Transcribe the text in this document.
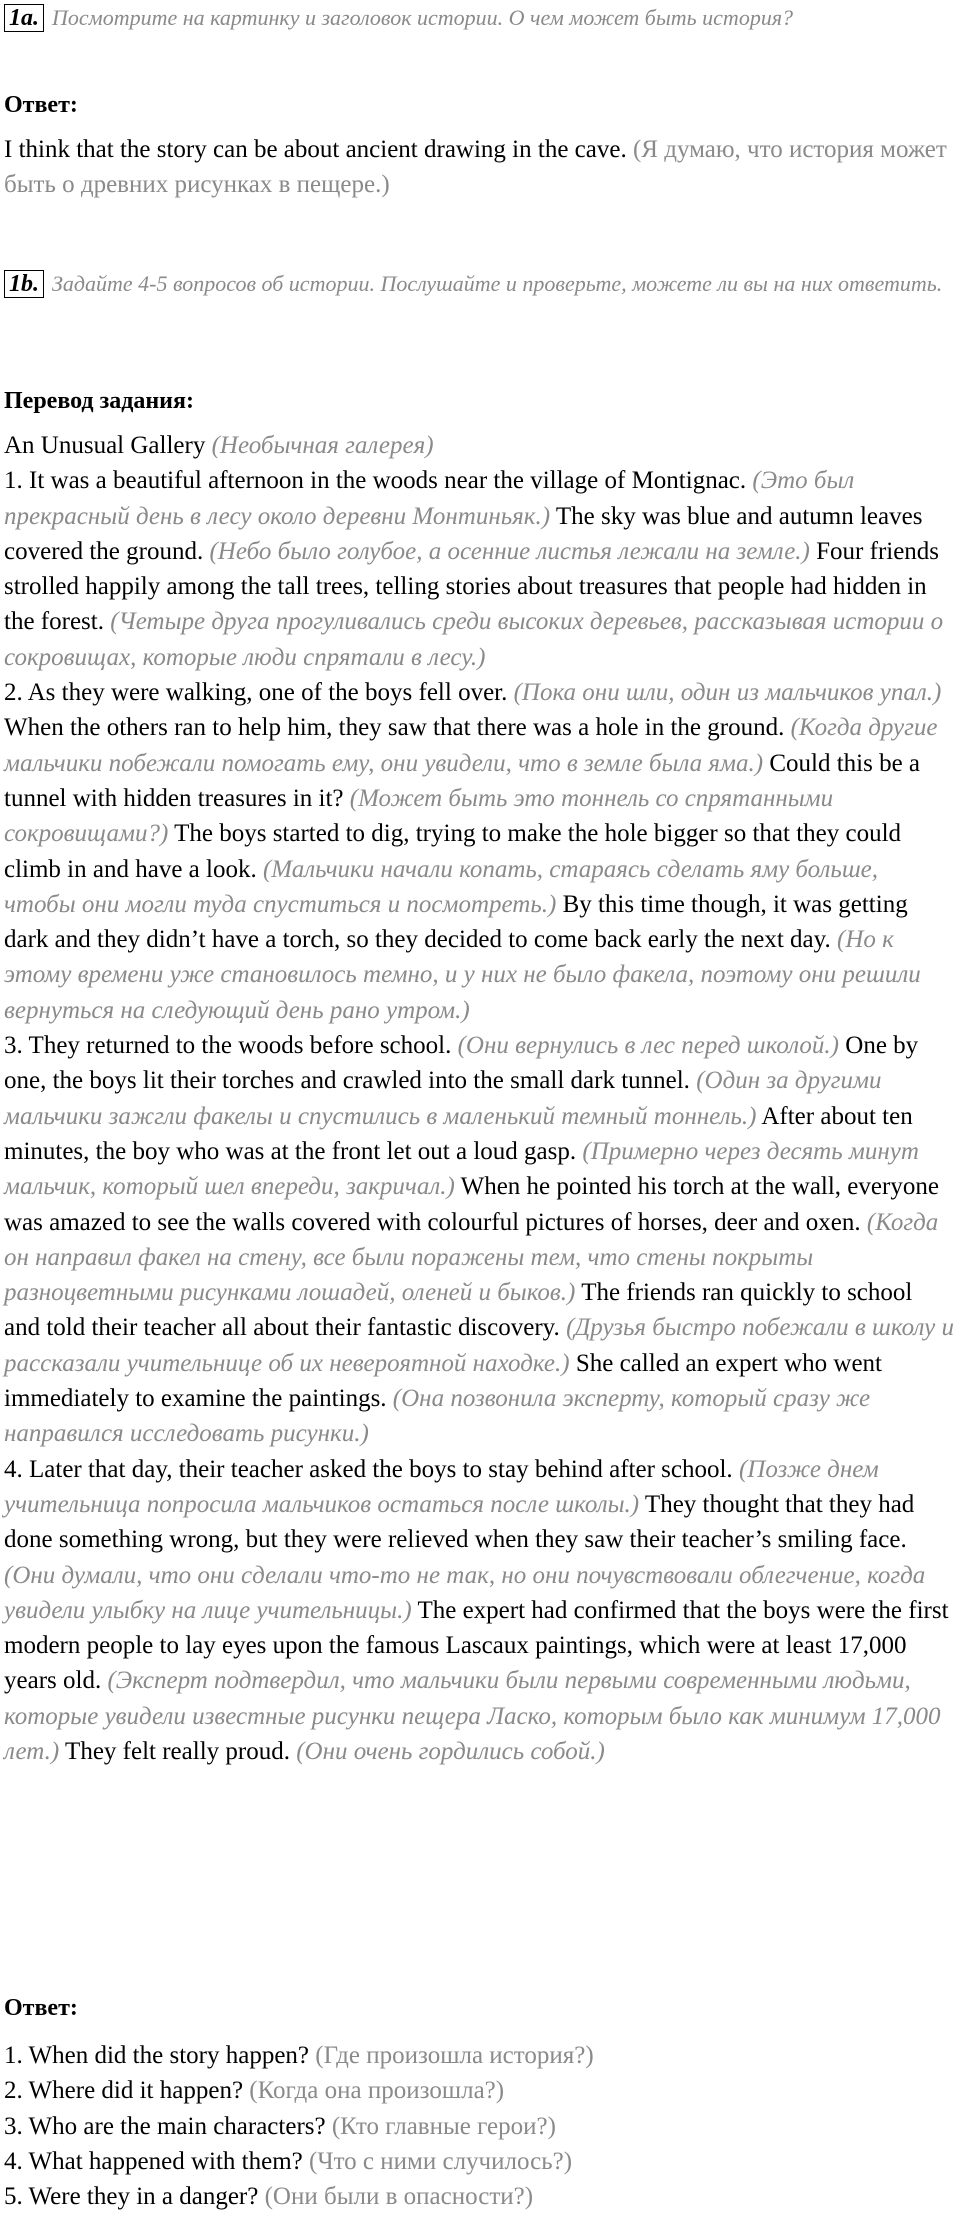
1a. Посмотрите на картинку и заголовок истории. О чем может быть история?
Ответ:
I think that the story can be about ancient drawing in the cave. (Я думаю, что история может быть о древних рисунках в пещере.)
1b. Задайте 4-5 вопросов об истории. Послушайте и проверьте, можете ли вы на них ответить.
Перевод задания:
An Unusual Gallery (Необычная галерея)
1. It was a beautiful afternoon in the woods near the village of Montignac. (Это был прекрасный день в лесу около деревни Монтиньяк.) The sky was blue and autumn leaves covered the ground. (Небо было голубое, а осенние листья лежали на земле.) Four friends strolled happily among the tall trees, telling stories about treasures that people had hidden in the forest. (Четыре друга прогуливались среди высоких деревьев, рассказывая истории о сокровищах, которые люди спрятали в лесу.)
2. As they were walking, one of the boys fell over. (Пока они шли, один из мальчиков упал.) When the others ran to help him, they saw that there was a hole in the ground. (Когда другие мальчики побежали помогать ему, они увидели, что в земле была яма.) Could this be a tunnel with hidden treasures in it? (Может быть это тоннель со спрятанными сокровищами?) The boys started to dig, trying to make the hole bigger so that they could climb in and have a look. (Мальчики начали копать, стараясь сделать яму больше, чтобы они могли туда спуститься и посмотреть.) By this time though, it was getting dark and they didn’t have a torch, so they decided to come back early the next day. (Но к этому времени уже становилось темно, и у них не было факела, поэтому они решили вернуться на следующий день рано утром.)
3. They returned to the woods before school. (Они вернулись в лес перед школой.) One by one, the boys lit their torches and crawled into the small dark tunnel. (Один за другими мальчики зажгли факелы и спустились в маленький темный тоннель.) After about ten minutes, the boy who was at the front let out a loud gasp. (Примерно через десять минут мальчик, который шел впереди, закричал.) When he pointed his torch at the wall, everyone was amazed to see the walls covered with colourful pictures of horses, deer and oxen. (Когда он направил факел на стену, все были поражены тем, что стены покрыты разноцветными рисунками лошадей, оленей и быков.) The friends ran quickly to school and told their teacher all about their fantastic discovery. (Друзья быстро побежали в школу и рассказали учительнице об их невероятной находке.) She called an expert who went immediately to examine the paintings. (Она позвонила эксперту, который сразу же направился исследовать рисунки.)
4. Later that day, their teacher asked the boys to stay behind after school. (Позже днем учительница попросила мальчиков остаться после школы.) They thought that they had done something wrong, but they were relieved when they saw their teacher’s smiling face. (Они думали, что они сделали что-то не так, но они почувствовали облегчение, когда увидели улыбку на лице учительницы.) The expert had confirmed that the boys were the first modern people to lay eyes upon the famous Lascaux paintings, which were at least 17,000 years old. (Эксперт подтвердил, что мальчики были первыми современными людьми, которые увидели известные рисунки пещера Ласко, которым было как минимум 17,000 лет.) They felt really proud. (Они очень гордились собой.)
Ответ:
1. When did the story happen? (Где произошла история?)
2. Where did it happen? (Когда она произошла?)
3. Who are the main characters? (Кто главные герои?)
4. What happened with them? (Что с ними случилось?)
5. Were they in a danger? (Они были в опасности?)
